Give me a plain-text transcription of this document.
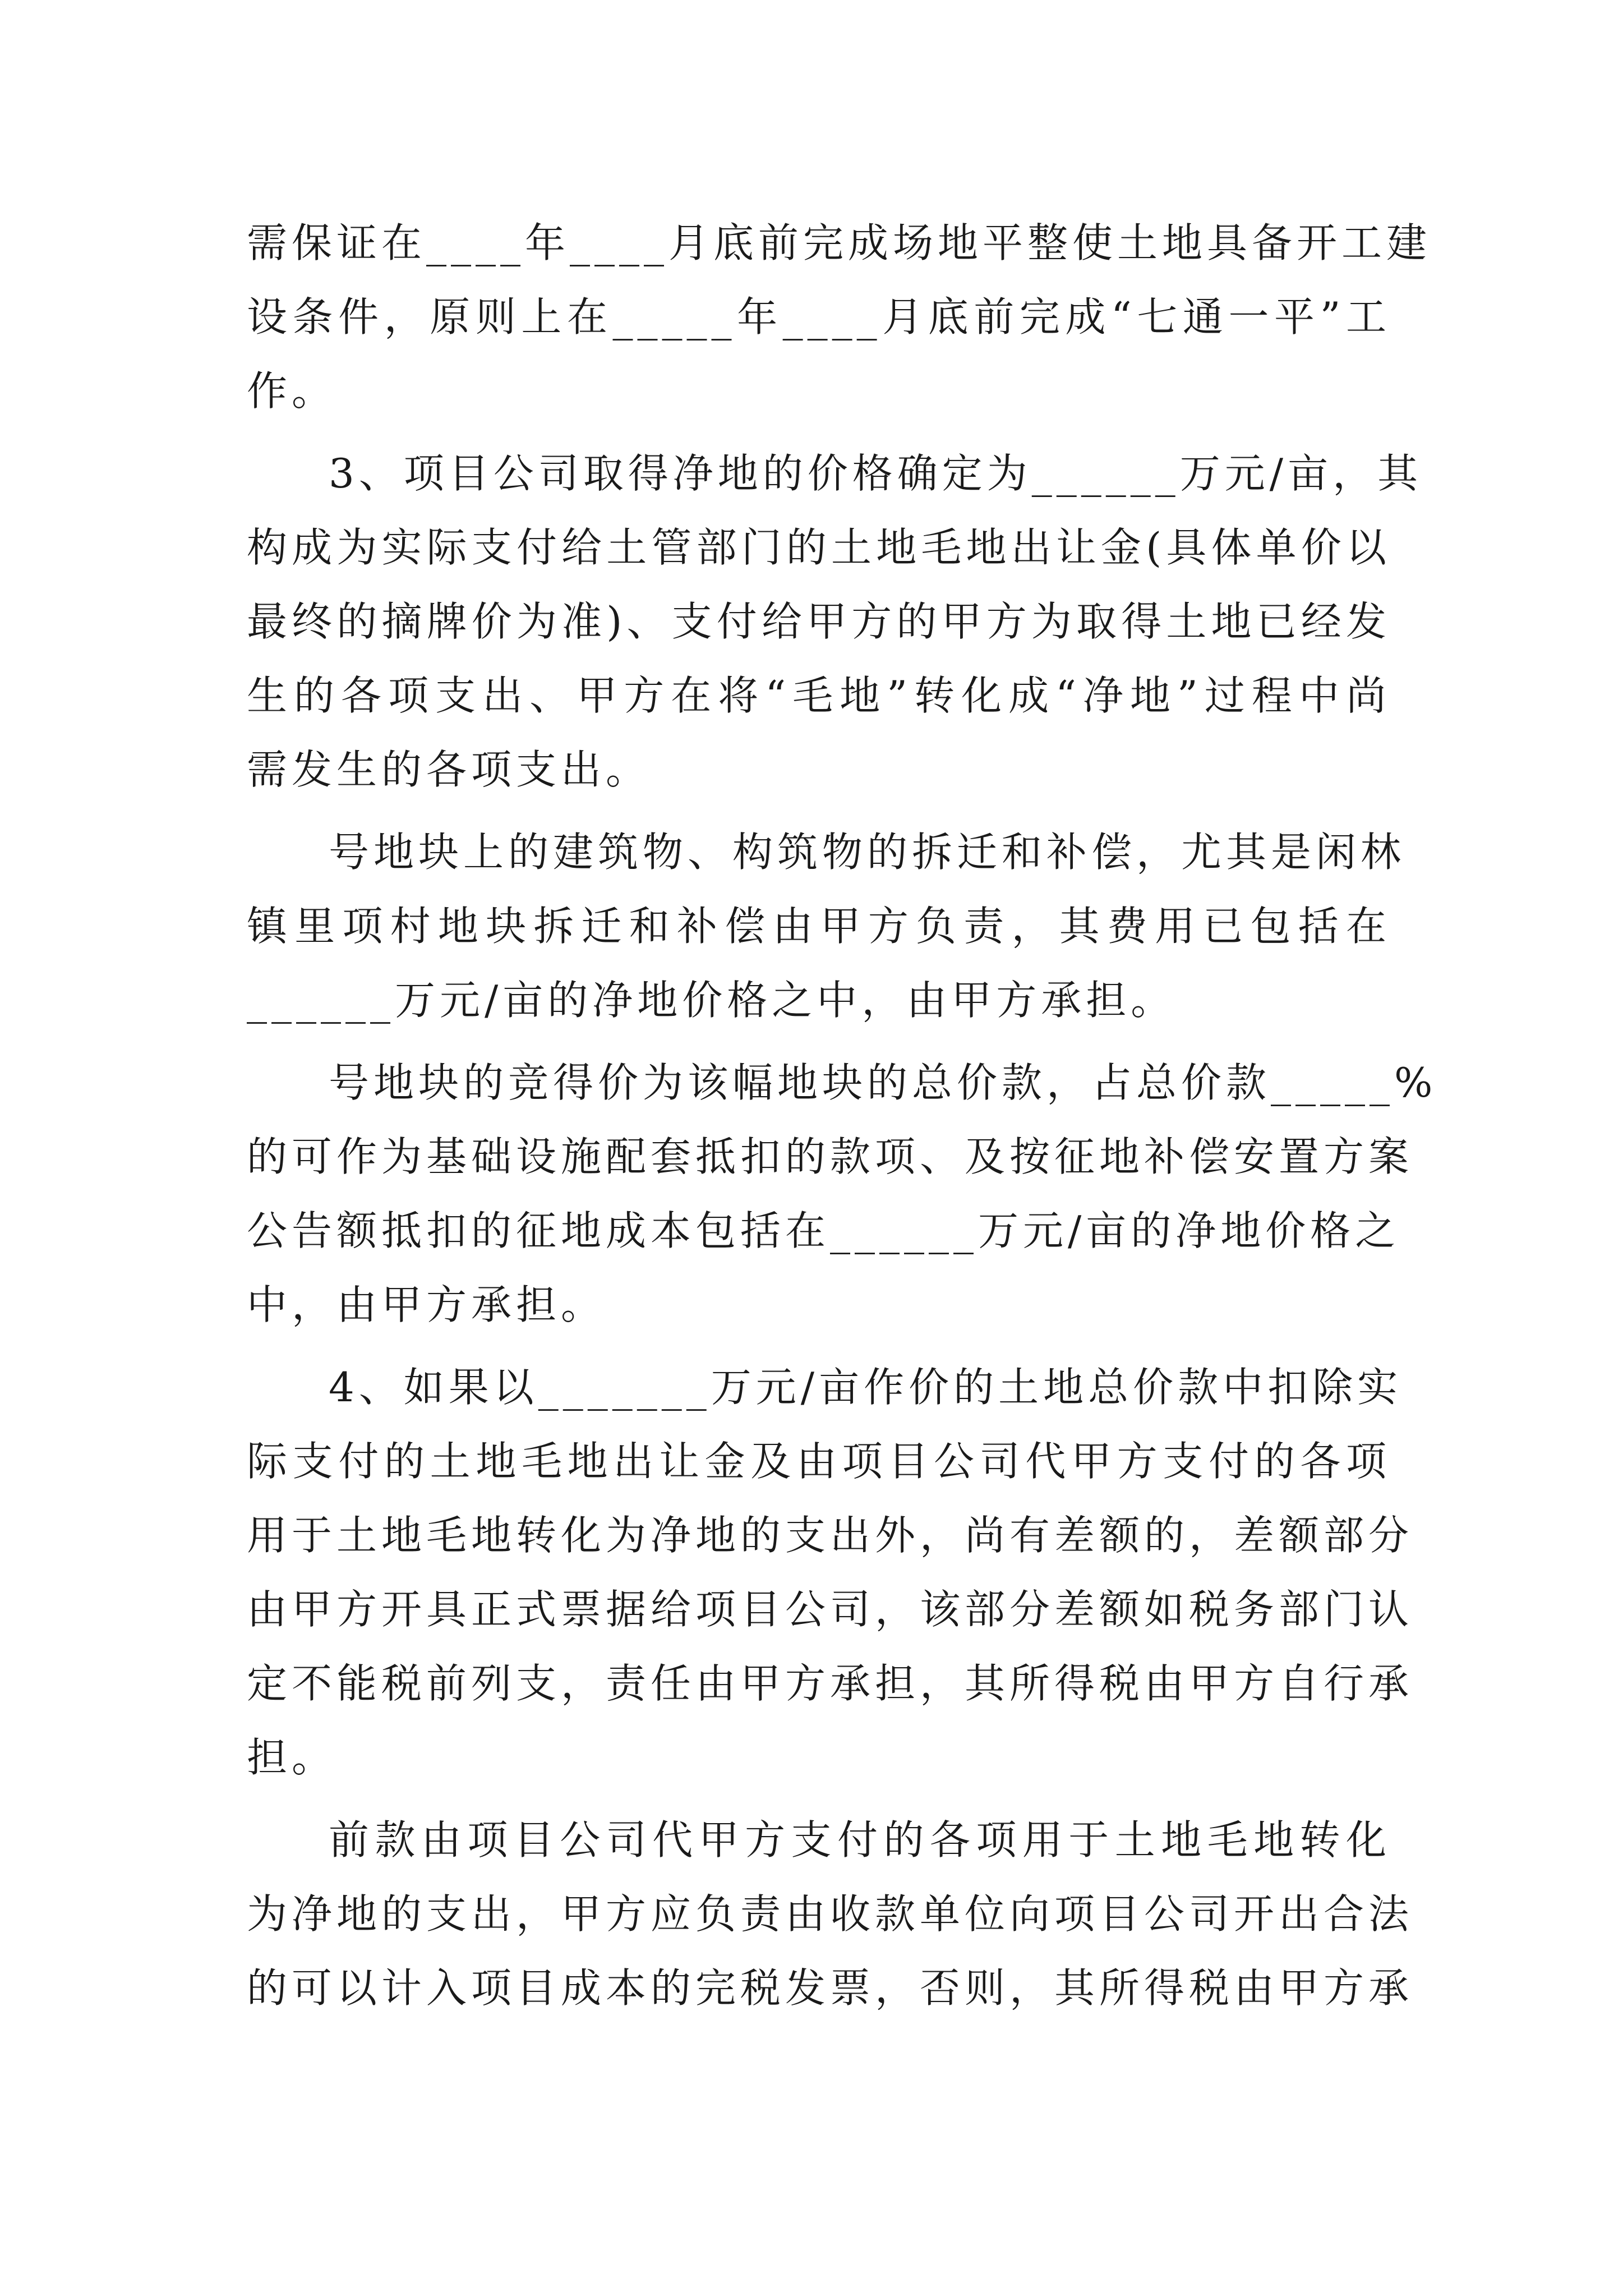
需保证在____年____月底前完成场地平整使土地具备开工建
设条件，原则上在_____年____月底前完成“七通一平”工
作。
3、项目公司取得净地的价格确定为______万元/亩，其
构成为实际支付给土管部门的土地毛地出让金(具体单价以
最终的摘牌价为准)、支付给甲方的甲方为取得土地已经发
生的各项支出、甲方在将“毛地”转化成“净地”过程中尚
需发生的各项支出。
号地块上的建筑物、构筑物的拆迁和补偿，尤其是闲林
镇里项村地块拆迁和补偿由甲方负责，其费用已包括在
______万元/亩的净地价格之中，由甲方承担。
号地块的竞得价为该幅地块的总价款，占总价款_____%
的可作为基础设施配套抵扣的款项、及按征地补偿安置方案
公告额抵扣的征地成本包括在______万元/亩的净地价格之
中，由甲方承担。
4、如果以_______万元/亩作价的土地总价款中扣除实
际支付的土地毛地出让金及由项目公司代甲方支付的各项
用于土地毛地转化为净地的支出外，尚有差额的，差额部分
由甲方开具正式票据给项目公司，该部分差额如税务部门认
定不能税前列支，责任由甲方承担，其所得税由甲方自行承
担。
前款由项目公司代甲方支付的各项用于土地毛地转化
为净地的支出，甲方应负责由收款单位向项目公司开出合法
的可以计入项目成本的完税发票，否则，其所得税由甲方承
